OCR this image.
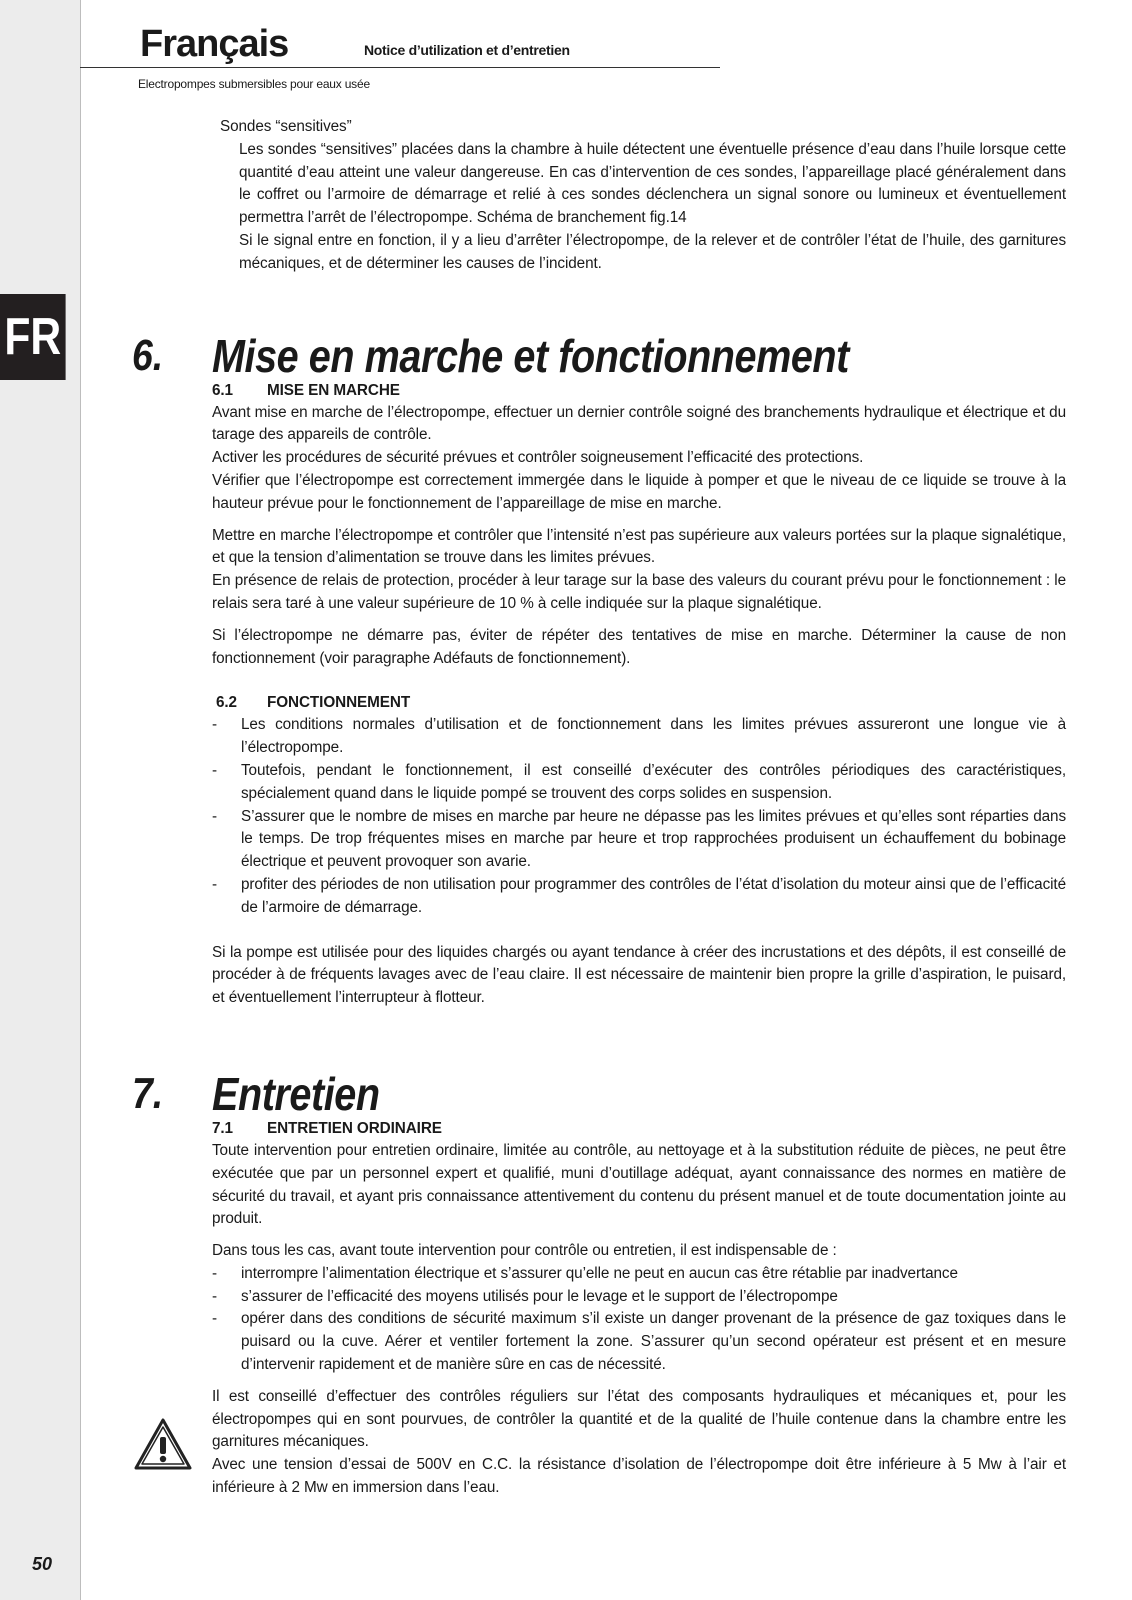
FR
50
Français	Notice d’utilization et d’entretien
Electropompes submersibles pour eaux usée

Sondes “sensitives”

Les sondes “sensitives” placées dans la chambre à huile détectent une éventuelle présence d’eau dans l’huile lorsque cette quantité d’eau atteint une valeur dangereuse. En cas d’intervention de ces sondes, l’appareillage placé généralement dans le coffret ou l’armoire de démarrage et relié à ces sondes déclenchera un signal sonore ou lumineux et éventuellement permettra l’arrêt de l’électropompe. Schéma de branchement fig.14

Si le signal entre en fonction, il y a lieu d’arrêter l’électropompe, de la relever et de contrôler l’état de l’huile, des garnitures mécaniques, et de déterminer les causes de l’incident.

6. Mise en marche et fonctionnement

6.1 MISE EN MARCHE

Avant mise en marche de l’électropompe, effectuer un dernier contrôle soigné des branchements hydraulique et électrique et du tarage des appareils de contrôle.

Activer les procédures de sécurité prévues et contrôler soigneusement l’efficacité des protections.

Vérifier que l’électropompe est correctement immergée dans le liquide à pomper et que le niveau de ce liquide se trouve à la hauteur prévue pour le fonctionnement de l’appareillage de mise en marche.

Mettre en marche l’électropompe et contrôler que l’intensité n’est pas supérieure aux valeurs portées sur la plaque signalétique, et que la tension d’alimentation se trouve dans les limites prévues.

En présence de relais de protection, procéder à leur tarage sur la base des valeurs du courant prévu pour le fonctionnement : le relais sera taré à une valeur supérieure de 10 % à celle indiquée sur la plaque signalétique.

Si l’électropompe ne démarre pas, éviter de répéter des tentatives de mise en marche. Déterminer la cause de non fonctionnement (voir paragraphe Adéfauts de fonctionnement).

6.2 FONCTIONNEMENT

- Les conditions normales d’utilisation et de fonctionnement dans les limites prévues assureront une longue vie à l’électropompe.
- Toutefois, pendant le fonctionnement, il est conseillé d’exécuter des contrôles périodiques des caractéristiques, spécialement quand dans le liquide pompé se trouvent des corps solides en suspension.
- S’assurer que le nombre de mises en marche par heure ne dépasse pas les limites prévues et qu’elles sont réparties dans le temps. De trop fréquentes mises en marche par heure et trop rapprochées produisent un échauffement du bobinage électrique et peuvent provoquer son avarie.
- profiter des périodes de non utilisation pour programmer des contrôles de l’état d’isolation du moteur ainsi que de l’efficacité de l’armoire de démarrage.

Si la pompe est utilisée pour des liquides chargés ou ayant tendance à créer des incrustations et des dépôts, il est conseillé de procéder à de fréquents lavages avec de l’eau claire. Il est nécessaire de maintenir bien propre la grille d’aspiration, le puisard, et éventuellement l’interrupteur à flotteur.

7. Entretien

7.1 ENTRETIEN ORDINAIRE

Toute intervention pour entretien ordinaire, limitée au contrôle, au nettoyage et à la substitution réduite de pièces, ne peut être exécutée que par un personnel expert et qualifié, muni d’outillage adéquat, ayant connaissance des normes en matière de sécurité du travail, et ayant pris connaissance attentivement du contenu du présent manuel et de toute documentation jointe au produit.

Dans tous les cas, avant toute intervention pour contrôle ou entretien, il est indispensable de :

- interrompre l’alimentation électrique et s’assurer qu’elle ne peut en aucun cas être rétablie par inadvertance
- s’assurer de l’efficacité des moyens utilisés pour le levage et le support de l’électropompe
- opérer dans des conditions de sécurité maximum s’il existe un danger provenant de la présence de gaz toxiques dans le puisard ou la cuve. Aérer et ventiler fortement la zone. S’assurer qu’un second opérateur est présent et en mesure d’intervenir rapidement et de manière sûre en cas de nécessité.

Il est conseillé d’effectuer des contrôles réguliers sur l’état des composants hydrauliques et mécaniques et, pour les électropompes qui en sont pourvues, de contrôler la quantité et de la qualité de l’huile contenue dans la chambre entre les garnitures mécaniques.

Avec une tension d’essai de 500V en C.C. la résistance d’isolation de l’électropompe doit être inférieure à 5 Mw à l’air et inférieure à 2 Mw en immersion dans l’eau.
